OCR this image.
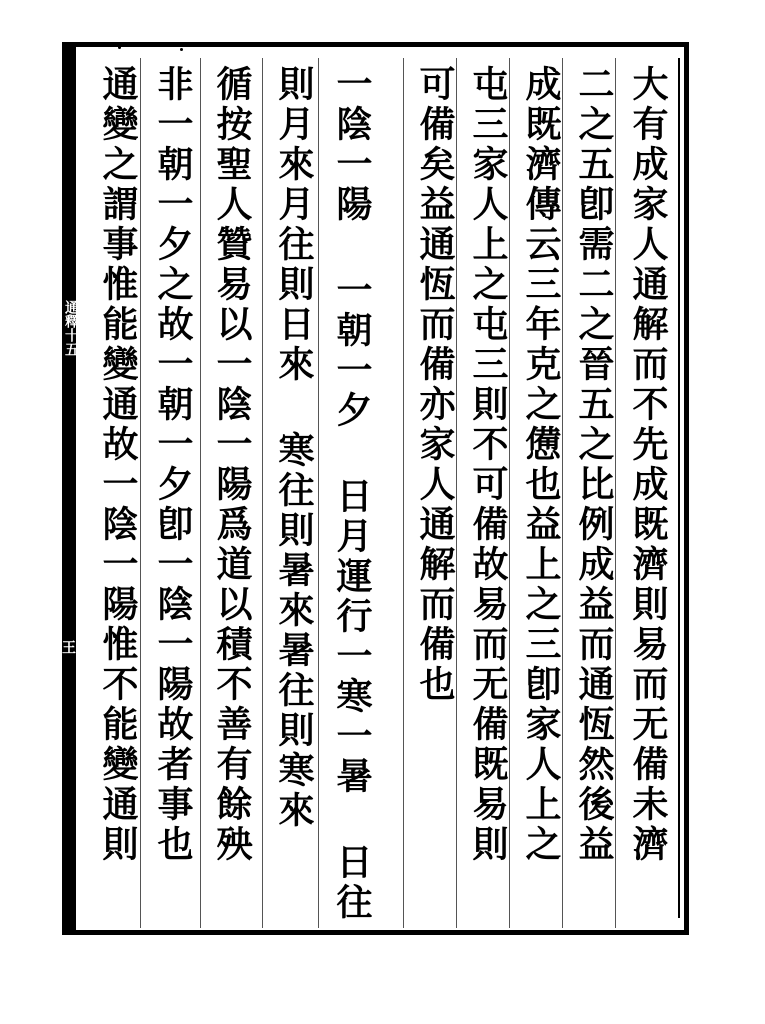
通釋十五
王	大有成家人通解而不先成既濟則易而无備未濟
二之五卽需二之晉五之比例成益而通恆然後益
成既濟傳云三年克之憊也益上之三卽家人上之
屯三家人上之屯三則不可備故易而无備既易則
可備矣益通恆而備亦家人通解而備也
一陰一陽 一朝一夕 日月運行一寒一暑 日往
則月來月往則日來 寒往則暑來暑往則寒來
循按聖人贊易以一陰一陽爲道以積不善有餘殃
非一朝一夕之故一朝一夕卽一陰一陽故者事也
通變之謂事惟能變通故一陰一陽惟不能變通則
